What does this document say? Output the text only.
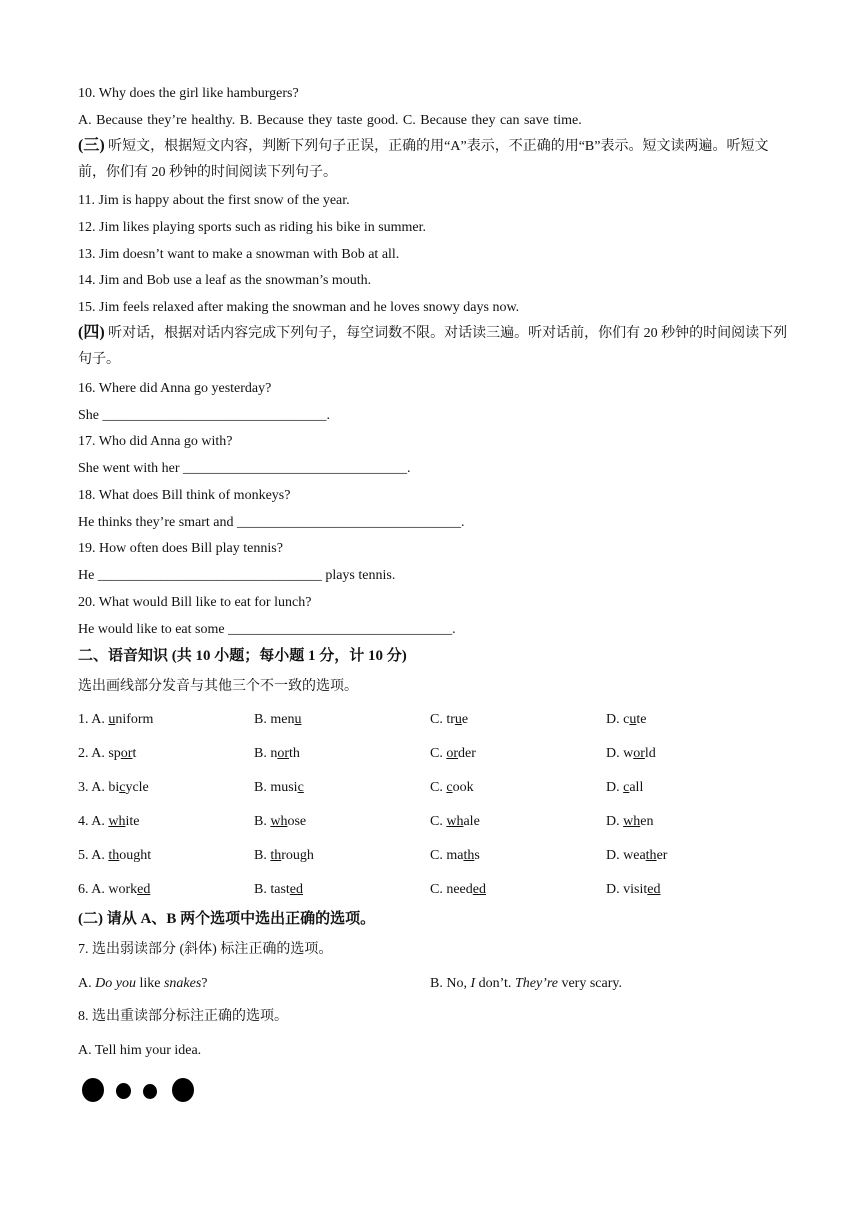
10. Why does the girl like hamburgers?
A. Because they’re healthy. B. Because they taste good. C. Because they can save time.
(三) 听短文，根据短文内容，判断下列句子正误，正确的用“A”表示，不正确的用“B”表示。短文读两遍。听短文前，你们有 20 秒钟的时间阅读下列句子。
11. Jim is happy about the first snow of the year.
12. Jim likes playing sports such as riding his bike in summer.
13. Jim doesn’t want to make a snowman with Bob at all.
14. Jim and Bob use a leaf as the snowman’s mouth.
15. Jim feels relaxed after making the snowman and he loves snowy days now.
(四) 听对话，根据对话内容完成下列句子，每空词数不限。对话读三遍。听对话前，你们有 20 秒钟的时间阅读下列句子。
16. Where did Anna go yesterday?
She ________________________________.
17. Who did Anna go with?
She went with her ________________________________.
18. What does Bill think of monkeys?
He thinks they’re smart and ________________________________.
19. How often does Bill play tennis?
He ________________________________ plays tennis.
20. What would Bill like to eat for lunch?
He would like to eat some ________________________________.
二、语音知识 (共 10 小题；每小题 1 分，计 10 分)
选出画线部分发音与其他三个不一致的选项。
1. A. uniform	B. menu	C. true	D. cute
2. A. sport	B. north	C. order	D. world
3. A. bicycle	B. music	C. cook	D. call
4. A. white	B. whose	C. whale	D. when
5. A. thought	B. through	C. maths	D. weather
6. A. worked	B. tasted	C. needed	D. visited
(二) 请从 A、B 两个选项中选出正确的选项。
7. 选出弱读部分 (斜体) 标注正确的选项。
A. Do you like snakes?	B. No, I don’t. They’re very scary.
8. 选出重读部分标注正确的选项。
A. Tell him your idea.
